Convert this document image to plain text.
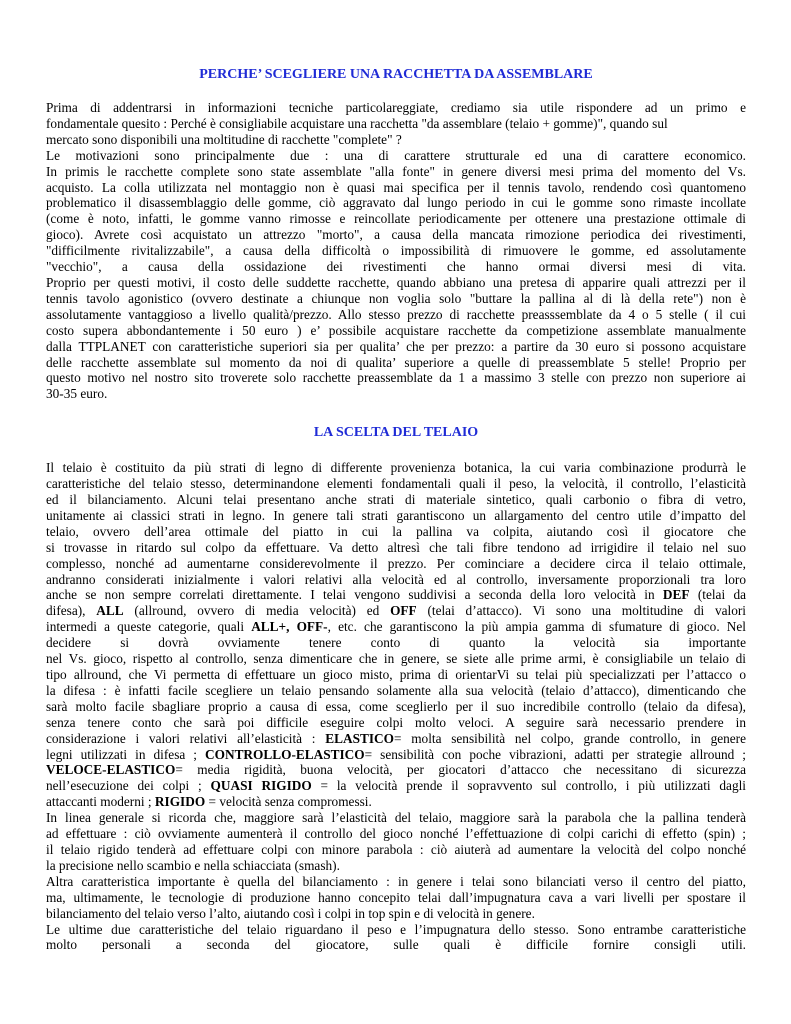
PERCHE’ SCEGLIERE UNA RACCHETTA DA ASSEMBLARE

Prima di addentrarsi in informazioni tecniche particolareggiate, crediamo sia utile rispondere ad un primo e
fondamentale quesito : Perché è consigliabile acquistare una racchetta "da assemblare (telaio + gomme)", quando sul
mercato sono disponibili una moltitudine di racchette "complete" ?
Le motivazioni sono principalmente due : una di carattere strutturale ed una di carattere economico.
In primis le racchette complete sono state assemblate "alla fonte" in genere diversi mesi prima del momento del Vs.
acquisto. La colla utilizzata nel montaggio non è quasi mai specifica per il tennis tavolo, rendendo così quantomeno
problematico il disassemblaggio delle gomme, ciò aggravato dal lungo periodo in cui le gomme sono rimaste incollate
(come è noto, infatti, le gomme vanno rimosse e reincollate periodicamente per ottenere una prestazione ottimale di
gioco). Avrete così acquistato un attrezzo "morto", a causa della mancata rimozione periodica dei rivestimenti,
"difficilmente rivitalizzabile", a causa della difficoltà o impossibilità di rimuovere le gomme, ed assolutamente
"vecchio", a causa della ossidazione dei rivestimenti che hanno ormai diversi mesi di vita.
Proprio per questi motivi, il costo delle suddette racchette, quando abbiano una pretesa di apparire quali attrezzi per il
tennis tavolo agonistico (ovvero destinate a chiunque non voglia solo "buttare la pallina al di là della rete") non è
assolutamente vantaggioso a livello qualità/prezzo. Allo stesso prezzo di racchette preasssemblate da 4 o 5 stelle ( il cui
costo supera abbondantemente i 50 euro ) e’ possibile acquistare racchette da competizione assemblate manualmente
dalla TTPLANET con caratteristiche superiori sia per qualita’ che per prezzo: a partire da 30 euro si possono acquistare
delle racchette assemblate sul momento da noi di qualita’ superiore a quelle di preassemblate 5 stelle! Proprio per
questo motivo nel nostro sito troverete solo racchette preassemblate da 1 a massimo 3 stelle con prezzo non superiore ai
30-35 euro.

LA SCELTA DEL TELAIO

Il telaio è costituito da più strati di legno di differente provenienza botanica, la cui varia combinazione produrrà le
caratteristiche del telaio stesso, determinandone elementi fondamentali quali il peso, la velocità, il controllo, l’elasticità
ed il bilanciamento. Alcuni telai presentano anche strati di materiale sintetico, quali carbonio o fibra di vetro,
unitamente ai classici strati in legno. In genere tali strati garantiscono un allargamento del centro utile d’impatto del
telaio, ovvero dell’area ottimale del piatto in cui la pallina va colpita, aiutando così il giocatore che
si trovasse in ritardo sul colpo da effettuare. Va detto altresì che tali fibre tendono ad irrigidire il telaio nel suo
complesso, nonché ad aumentarne considerevolmente il prezzo. Per cominciare a decidere circa il telaio ottimale,
andranno considerati inizialmente i valori relativi alla velocità ed al controllo, inversamente proporzionali tra loro
anche se non sempre correlati direttamente. I telai vengono suddivisi a seconda della loro velocità in DEF (telai da
difesa), ALL (allround, ovvero di media velocità) ed OFF (telai d’attacco). Vi sono una moltitudine di valori
intermedi a queste categorie, quali ALL+, OFF-, etc. che garantiscono la più ampia gamma di sfumature di gioco. Nel
decidere si dovrà ovviamente tenere conto di quanto la velocità sia importante
nel Vs. gioco, rispetto al controllo, senza dimenticare che in genere, se siete alle prime armi, è consigliabile un telaio di
tipo allround, che Vi permetta di effettuare un gioco misto, prima di orientarVi su telai più specializzati per l’attacco o
la difesa : è infatti facile scegliere un telaio pensando solamente alla sua velocità (telaio d’attacco), dimenticando che
sarà molto facile sbagliare proprio a causa di essa, come sceglierlo per il suo incredibile controllo (telaio da difesa),
senza tenere conto che sarà poi difficile eseguire colpi molto veloci. A seguire sarà necessario prendere in
considerazione i valori relativi all’elasticità : ELASTICO= molta sensibilità nel colpo, grande controllo, in genere
legni utilizzati in difesa ; CONTROLLO-ELASTICO= sensibilità con poche vibrazioni, adatti per strategie allround ;
VELOCE-ELASTICO= media rigidità, buona velocità, per giocatori d’attacco che necessitano di sicurezza
nell’esecuzione dei colpi ; QUASI RIGIDO = la velocità prende il sopravvento sul controllo, i più utilizzati dagli
attaccanti moderni ; RIGIDO = velocità senza compromessi.
In linea generale si ricorda che, maggiore sarà l’elasticità del telaio, maggiore sarà la parabola che la pallina tenderà
ad effettuare : ciò ovviamente aumenterà il controllo del gioco nonché l’effettuazione di colpi carichi di effetto (spin) ;
il telaio rigido tenderà ad effettuare colpi con minore parabola : ciò aiuterà ad aumentare la velocità del colpo nonché
la precisione nello scambio e nella schiacciata (smash).
Altra caratteristica importante è quella del bilanciamento : in genere i telai sono bilanciati verso il centro del piatto,
ma, ultimamente, le tecnologie di produzione hanno concepito telai dall’impugnatura cava a vari livelli per spostare il
bilanciamento del telaio verso l’alto, aiutando così i colpi in top spin e di velocità in genere.
Le ultime due caratteristiche del telaio riguardano il peso e l’impugnatura dello stesso. Sono entrambe caratteristiche
molto personali a seconda del giocatore, sulle quali è difficile fornire consigli utili.
